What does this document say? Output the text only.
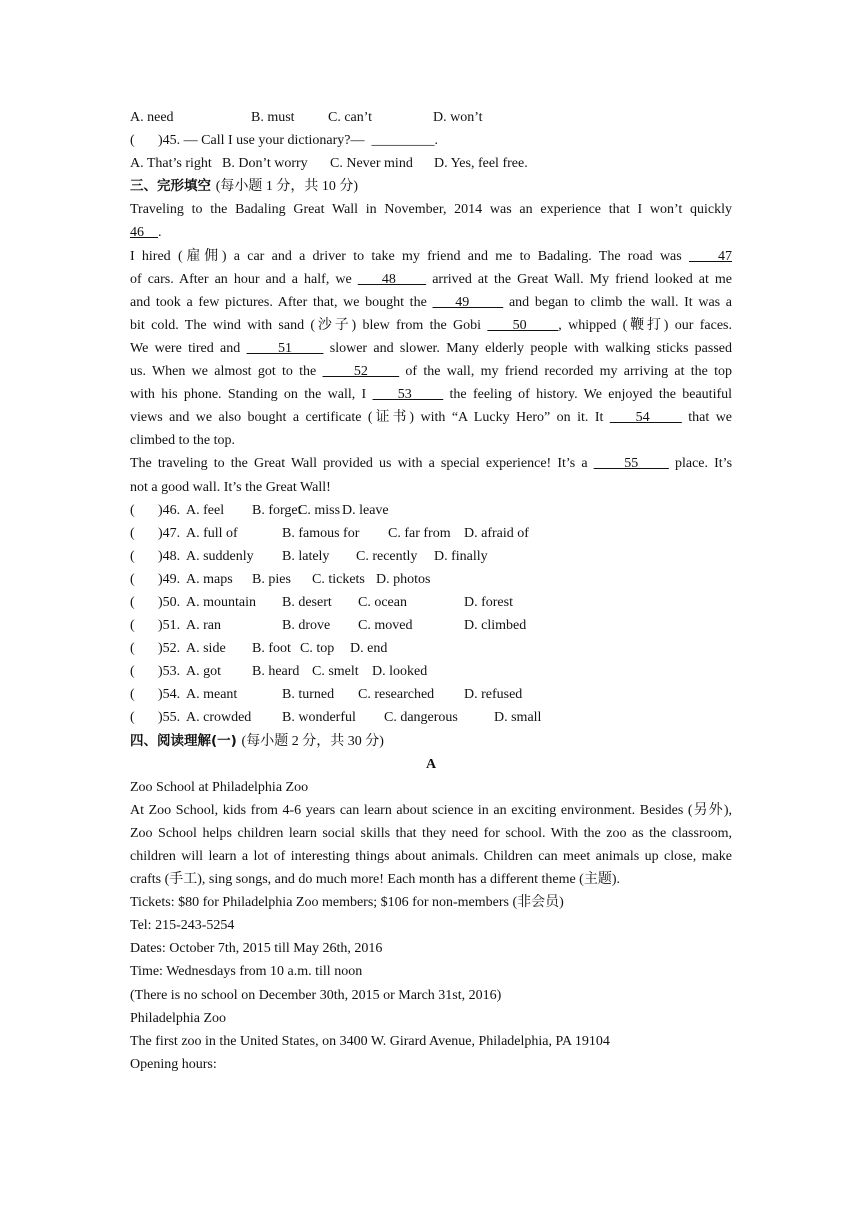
A. need	B. must C. can’t	D. won’t
( )45. — Call I use your dictionary?— _________.
A. That’s right B. Don’t worry C. Never mind D. Yes, feel free.
三、完形填空 (每小题 1 分，共 10 分)
Traveling to the Badaling Great Wall in November, 2014 was an experience that I won’t quickly
46    .
I hired (雇佣) a car and a driver to take my friend and me to Badaling. The road was     47
of cars. After an hour and a half, we     48      arrived at the Great Wall. My friend looked at me
and took a few pictures. After that, we bought the     49       and began to climb the wall. It was a
bit cold. The wind with sand (沙子) blew from the Gobi     50     , whipped (鞭打) our faces.
We were tired and      51      slower and slower. Many elderly people with walking sticks passed
us. When we almost got to the      52      of the wall, my friend recorded my arriving at the top
with his phone. Standing on the wall, I     53      the feeling of history. We enjoyed the beautiful
views and we also bought a certificate (证书) with “A Lucky Hero” on it. It     54      that we
climbed to the top.
The traveling to the Great Wall provided us with a special experience! It’s a      55      place. It’s
not a good wall. It’s the Great Wall!
( )46. A. feel B. forgetC. miss D. leave
( )47. A. full of	B. famous for C. far from D. afraid of
( )48. A. suddenly B. lately C. recently D. finally
( )49. A. maps B. pies C. tickets D. photos
( )50. A. mountain B. desert C. ocean	D. forest
( )51. A. ran	B. drove C. moved	D. climbed
( )52. A. side B. foot C. top D. end
( )53. A. got B. heard C. smelt D. looked
( )54. A. meant	B. turned C. researched D. refused
( )55. A. crowded B. wonderful C. dangerous	D. small
四、阅读理解(一) (每小题 2 分，共 30 分)
A
Zoo School at Philadelphia Zoo
At Zoo School, kids from 4-6 years can learn about science in an exciting environment. Besides (另外), Zoo School helps children learn social skills that they need for school. With the zoo as the classroom, children will learn a lot of interesting things about animals. Children can meet animals up close, make crafts (手工), sing songs, and do much more! Each month has a different theme (主题).
Tickets: $80 for Philadelphia Zoo members; $106 for non-members (非会员)
Tel: 215-243-5254
Dates: October 7th, 2015 till May 26th, 2016
Time: Wednesdays from 10 a.m. till noon
(There is no school on December 30th, 2015 or March 31st, 2016)
Philadelphia Zoo
The first zoo in the United States, on 3400 W. Girard Avenue, Philadelphia, PA 19104
Opening hours:
